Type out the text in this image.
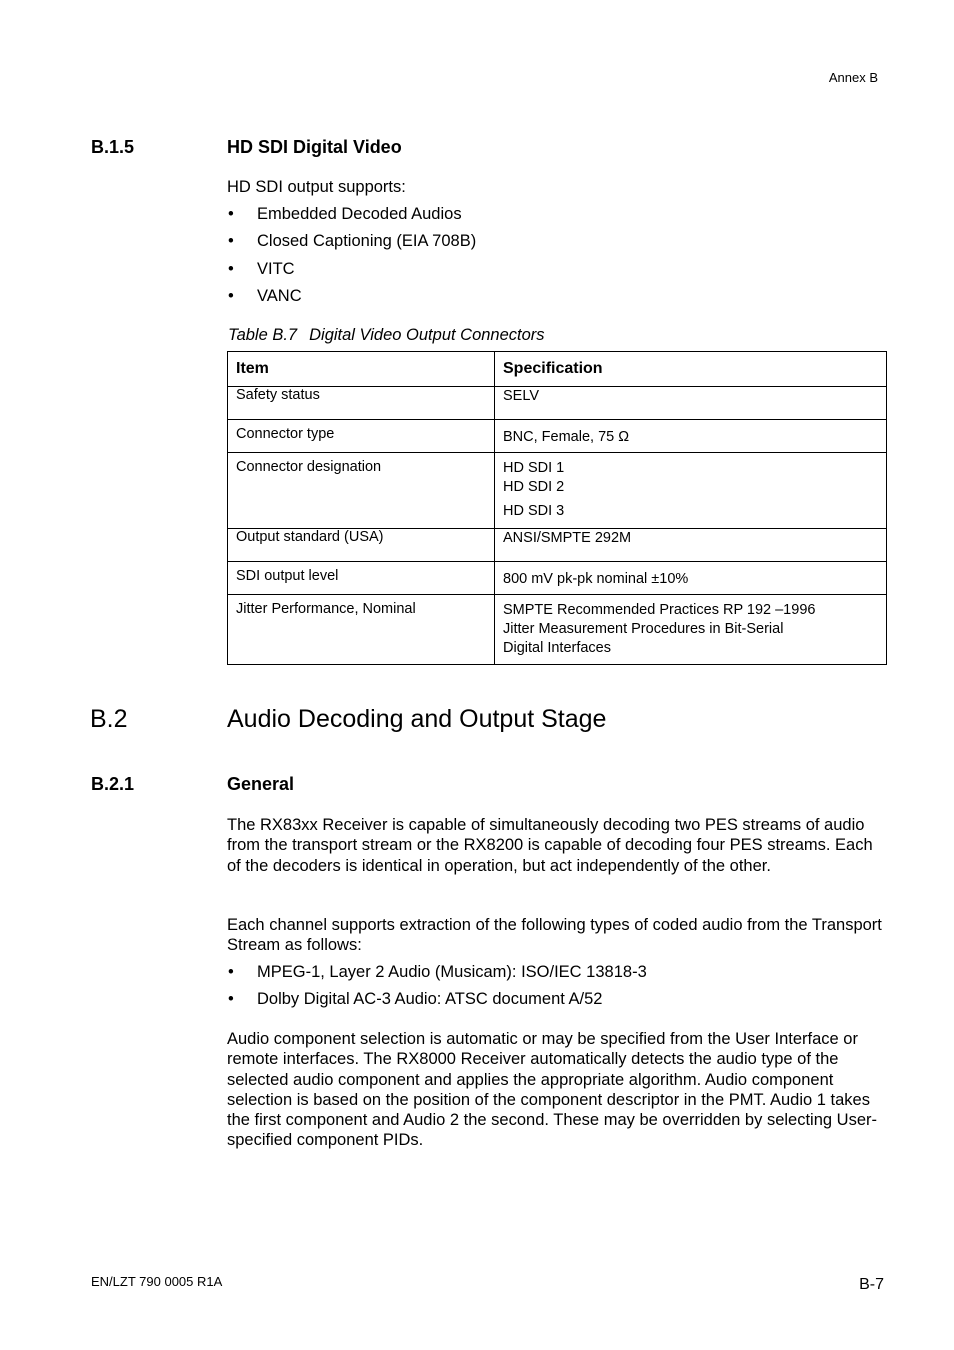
Annex B
B.1.5	HD SDI Digital Video
HD SDI output supports:
• Embedded Decoded Audios
• Closed Captioning (EIA 708B)
• VITC
• VANC
Table B.7 Digital Video Output Connectors
Item	Specification
Safety status	SELV

Connector type	BNC, Female, 75 Ω

Connector designation	HD SDI 1
HD SDI 2
HD SDI 3

Output standard (USA)	ANSI/SMPTE 292M

SDI output level	800 mV pk-pk nominal ±10%

Jitter Performance, Nominal	SMPTE Recommended Practices RP 192 –1996
Jitter Measurement Procedures in Bit-Serial
Digital Interfaces
B.2	Audio Decoding and Output Stage
B.2.1	General
The RX83xx Receiver is capable of simultaneously decoding two PES streams of audio from the transport stream or the RX8200 is capable of decoding four PES streams. Each of the decoders is identical in operation, but act independently of the other.
Each channel supports extraction of the following types of coded audio from the Transport Stream as follows:
• MPEG-1, Layer 2 Audio (Musicam): ISO/IEC 13818-3
• Dolby Digital AC-3 Audio: ATSC document A/52
Audio component selection is automatic or may be specified from the User Interface or remote interfaces. The RX8000 Receiver automatically detects the audio type of the selected audio component and applies the appropriate algorithm. Audio component selection is based on the position of the component descriptor in the PMT. Audio 1 takes the first component and Audio 2 the second. These may be overridden by selecting User-specified component PIDs.
EN/LZT 790 0005 R1A	B-7
